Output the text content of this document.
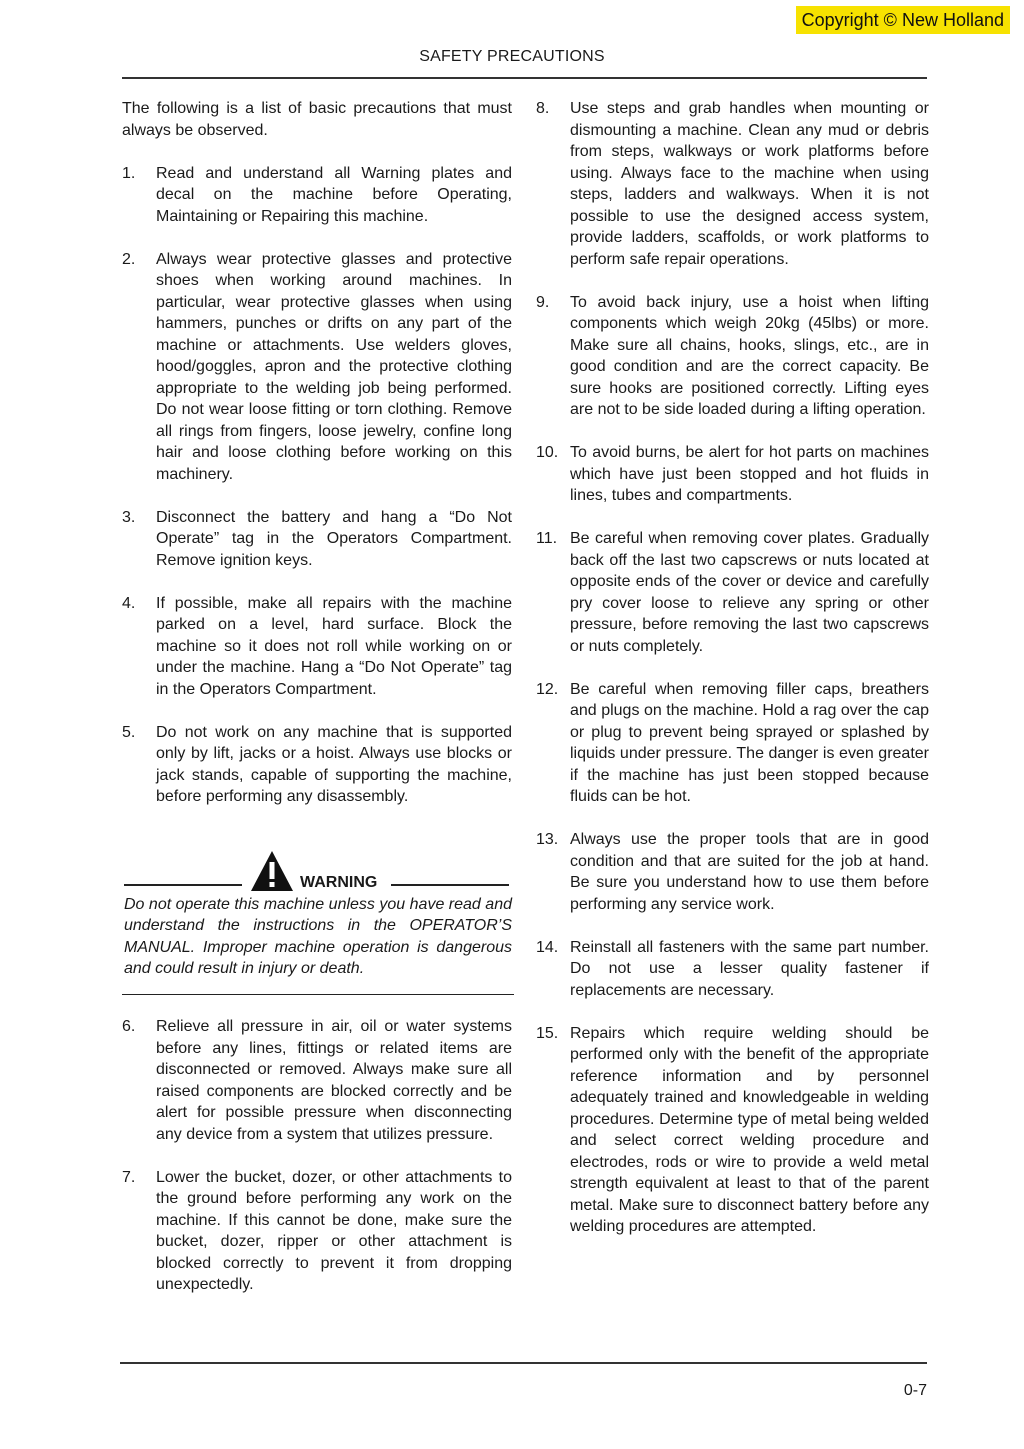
Copyright © New Holland
SAFETY PRECAUTIONS

The following is a list of basic precautions that must always be observed.

1.	Read and understand all Warning plates and decal on the machine before Operating, Maintaining or Repairing this machine.
2.	Always wear protective glasses and protective shoes when working around machines. In particular, wear protective glasses when using hammers, punches or drifts on any part of the machine or attachments. Use welders gloves, hood/goggles, apron and the protective clothing appropriate to the welding job being performed. Do not wear loose fitting or torn clothing. Remove all rings from fingers, loose jewelry, confine long hair and loose clothing before working on this machinery.
3.	Disconnect the battery and hang a “Do Not Operate” tag in the Operators Compartment. Remove ignition keys.
4.	If possible, make all repairs with the machine parked on a level, hard surface. Block the machine so it does not roll while working on or under the machine. Hang a “Do Not Operate” tag in the Operators Compartment.
5.	Do not work on any machine that is supported only by lift, jacks or a hoist. Always use blocks or jack stands, capable of supporting the machine, before performing any disassembly.
WARNING

Do not operate this machine unless you have read and understand the instructions in the OPERATOR’S MANUAL. Improper machine operation is dangerous and could result in injury or death.

6.	Relieve all pressure in air, oil or water systems before any lines, fittings or related items are disconnected or removed. Always make sure all raised components are blocked correctly and be alert for possible pressure when disconnecting any device from a system that utilizes pressure.
7.	Lower the bucket, dozer, or other attachments to the ground before performing any work on the machine. If this cannot be done, make sure the bucket, dozer, ripper or other attachment is blocked correctly to prevent it from dropping unexpectedly.
8.	Use steps and grab handles when mounting or dismounting a machine. Clean any mud or debris from steps, walkways or work platforms before using. Always face to the machine when using steps, ladders and walkways. When it is not possible to use the designed access system, provide ladders, scaffolds, or work platforms to perform safe repair operations.
9.	To avoid back injury, use a hoist when lifting components which weigh 20kg (45lbs) or more. Make sure all chains, hooks, slings, etc., are in good condition and are the correct capacity. Be sure hooks are positioned correctly. Lifting eyes are not to be side loaded during a lifting operation.
10. To avoid burns, be alert for hot parts on machines which have just been stopped and hot fluids in lines, tubes and compartments.
11. Be careful when removing cover plates. Gradually back off the last two capscrews or nuts located at opposite ends of the cover or device and carefully pry cover loose to relieve any spring or other pressure, before removing the last two capscrews or nuts completely.
12. Be careful when removing filler caps, breathers and plugs on the machine. Hold a rag over the cap or plug to prevent being sprayed or splashed by liquids under pressure. The danger is even greater if the machine has just been stopped because fluids can be hot.
13. Always use the proper tools that are in good condition and that are suited for the job at hand. Be sure you understand how to use them before performing any service work.
14. Reinstall all fasteners with the same part number. Do not use a lesser quality fastener if replacements are necessary.
15. Repairs which require welding should be performed only with the benefit of the appropriate reference information and by personnel adequately trained and knowledgeable in welding procedures. Determine type of metal being welded and select correct welding procedure and electrodes, rods or wire to provide a weld metal strength equivalent at least to that of the parent metal. Make sure to disconnect battery before any welding procedures are attempted.
0-7
